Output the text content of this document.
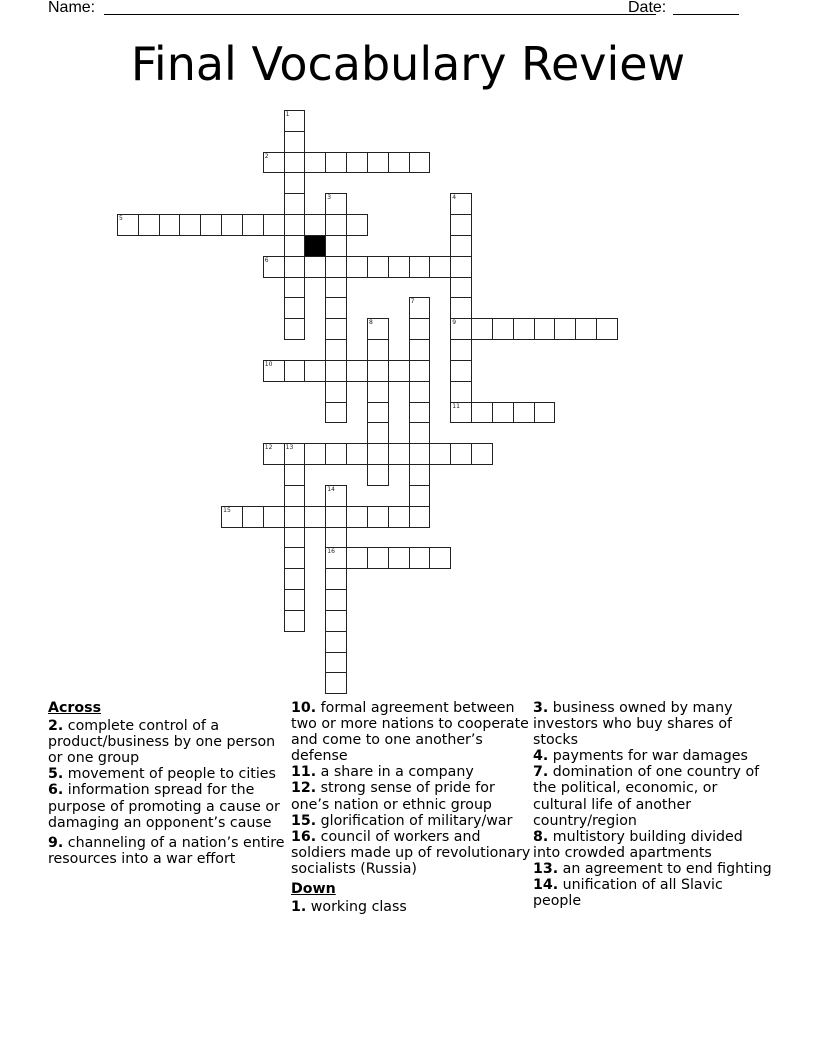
Name:	Date:
Final Vocabulary Review
1
2
3	4
9
11
5
6
7
8
10
12 13
14
16
15
Across
2. complete control of a product/business by one person or one group
5. movement of people to cities
6. information spread for the purpose of promoting a cause or damaging an opponent’s cause
9. channeling of a nation’s entire resources into a war effort
10. formal agreement between two or more nations to cooperate and come to one another’s defense
11. a share in a company
12. strong sense of pride for one’s nation or ethnic group
15. glorification of military/war
16. council of workers and soldiers made up of revolutionary socialists (Russia)
Down
1. working class
3. business owned by many investors who buy shares of stocks
4. payments for war damages
7. domination of one country of the political, economic, or cultural life of another country/region
8. multistory building divided into crowded apartments
13. an agreement to end fighting
14. unification of all Slavic people
